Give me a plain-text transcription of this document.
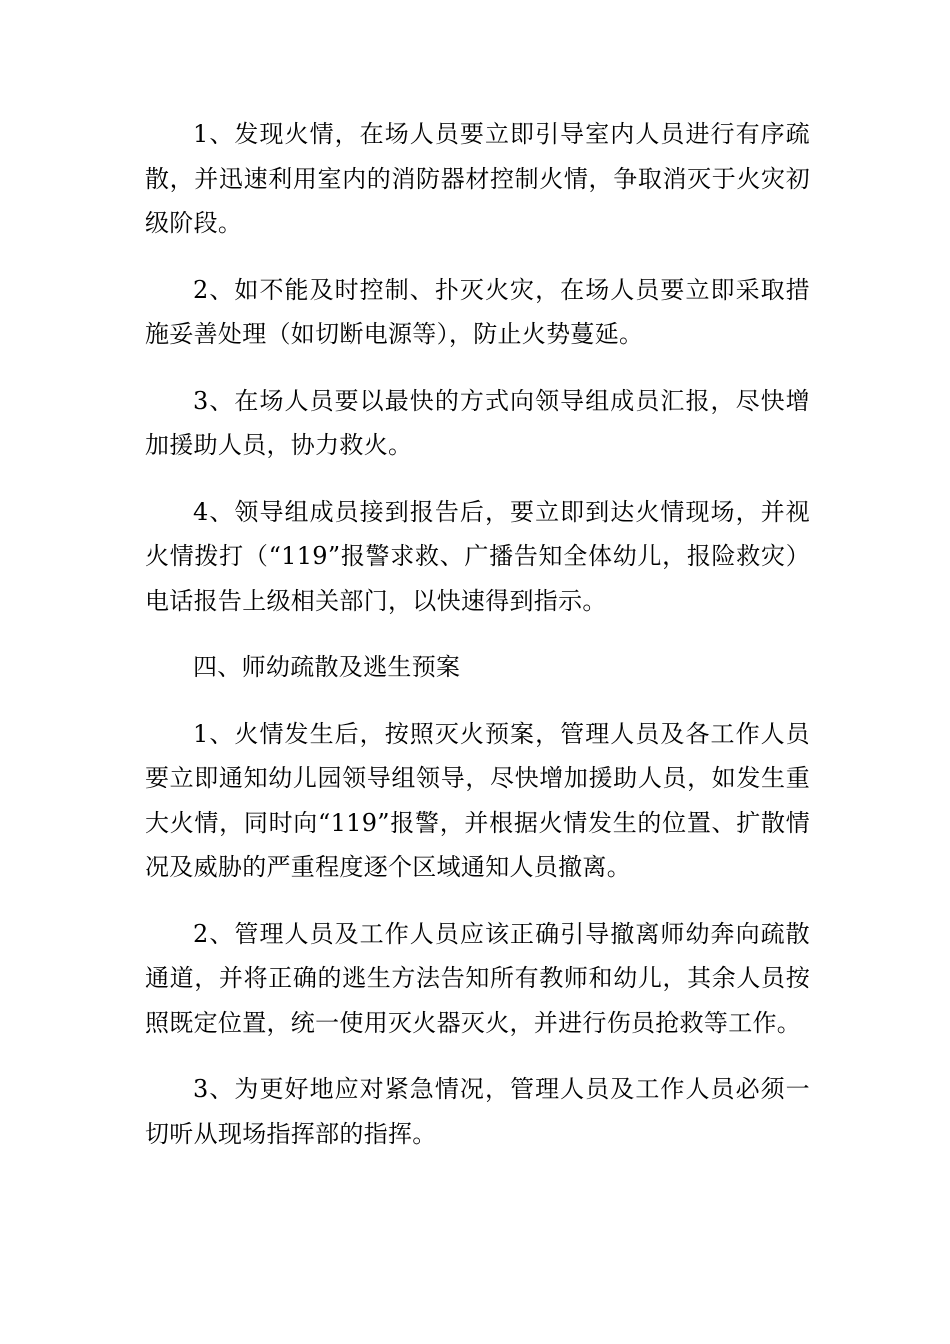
1、发现火情，在场人员要立即引导室内人员进行有序疏散，并迅速利用室内的消防器材控制火情，争取消灭于火灾初级阶段。

2、如不能及时控制、扑灭火灾，在场人员要立即采取措施妥善处理（如切断电源等），防止火势蔓延。

3、在场人员要以最快的方式向领导组成员汇报，尽快增加援助人员，协力救火。

4、领导组成员接到报告后，要立即到达火情现场，并视火情拨打（“119”报警求救、广播告知全体幼儿，报险救灾）电话报告上级相关部门，以快速得到指示。

四、师幼疏散及逃生预案

1、火情发生后，按照灭火预案，管理人员及各工作人员要立即通知幼儿园领导组领导，尽快增加援助人员，如发生重大火情，同时向“119”报警，并根据火情发生的位置、扩散情况及威胁的严重程度逐个区域通知人员撤离。

2、管理人员及工作人员应该正确引导撤离师幼奔向疏散通道，并将正确的逃生方法告知所有教师和幼儿，其余人员按照既定位置，统一使用灭火器灭火，并进行伤员抢救等工作。

3、为更好地应对紧急情况，管理人员及工作人员必须一切听从现场指挥部的指挥。
